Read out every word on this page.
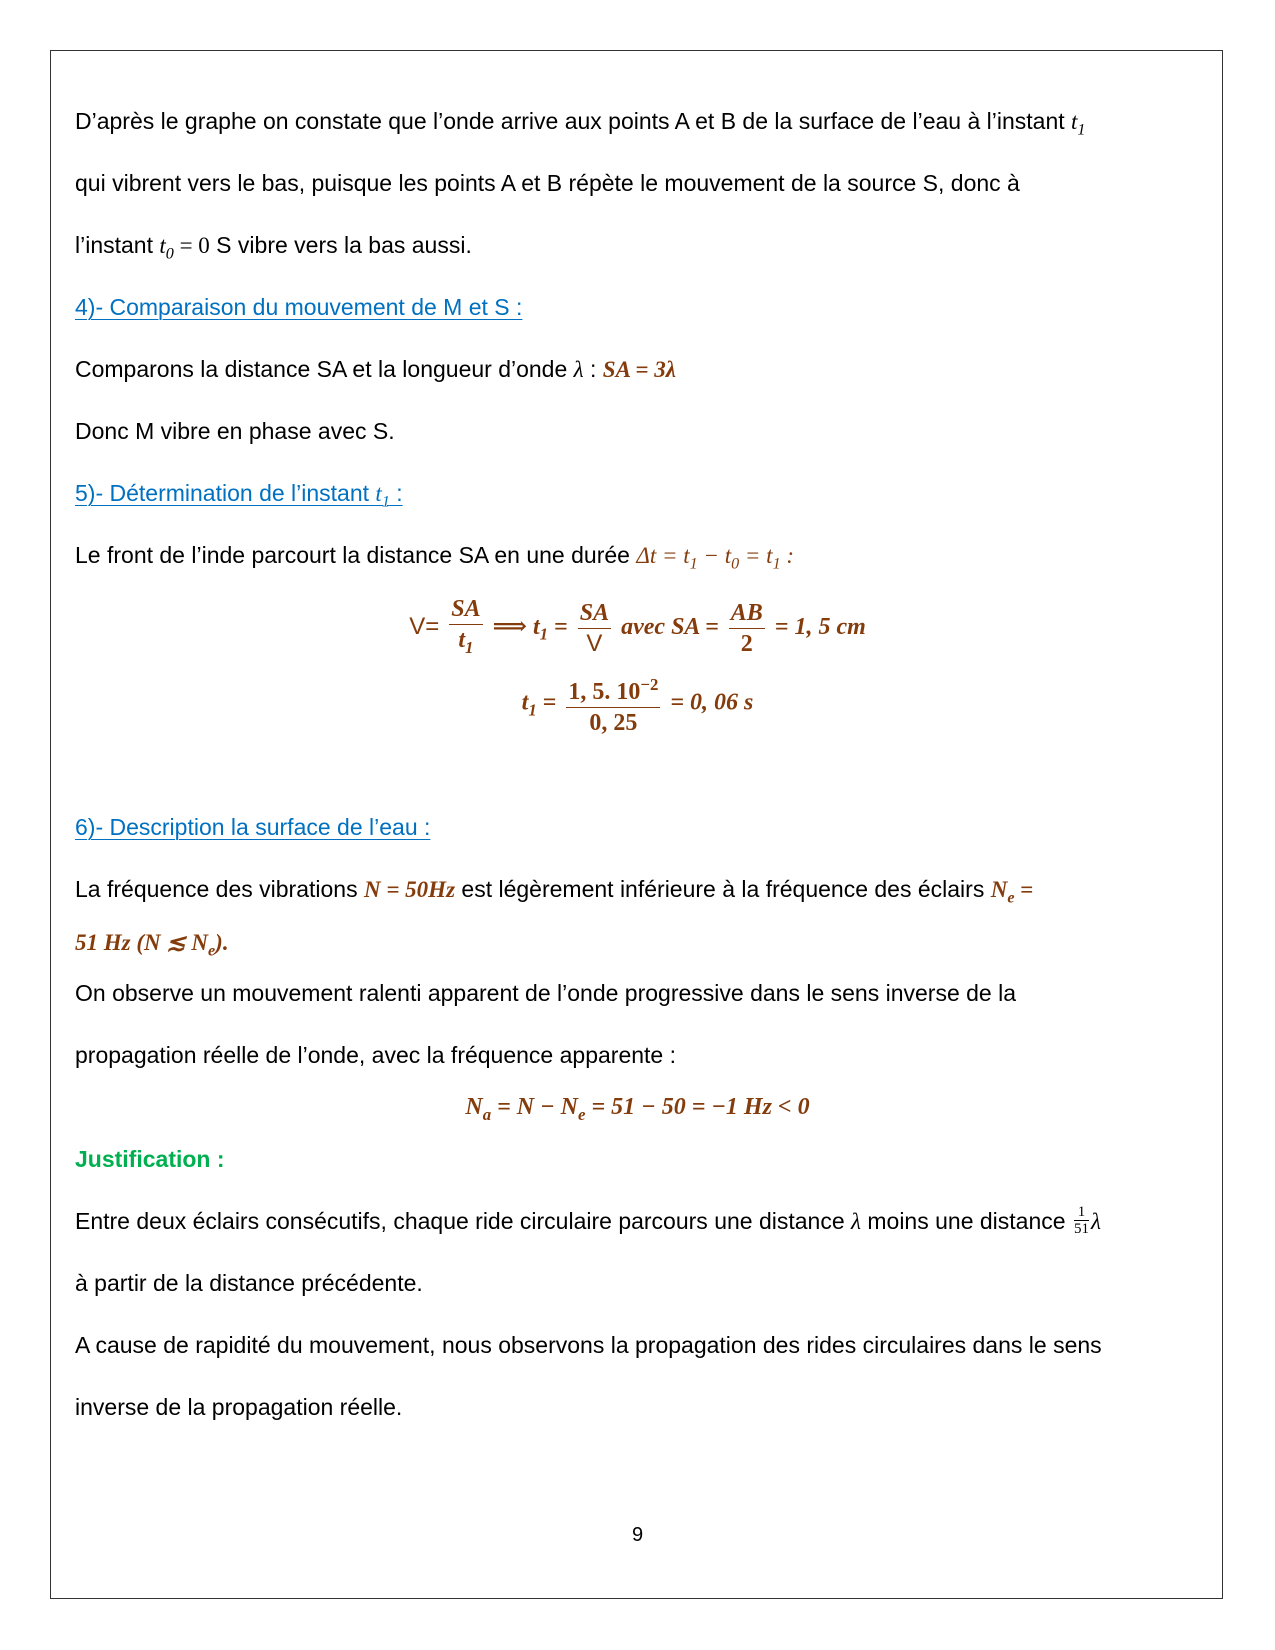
D’après le graphe on constate que l’onde arrive aux points A et B de la surface de l’eau à l’instant $t_1$
qui vibrent vers le bas, puisque les points A et B répète le mouvement de la source S, donc à
l’instant $t_0 = 0$ S vibre vers la bas aussi.
4)- Comparaison du mouvement de M et S :
Comparons la distance SA et la longueur d’onde λ : SA = 3λ
Donc M vibre en phase avec S.
5)- Détermination de l’instant $t_1$ :
Le front de l’inde parcourt la distance SA en une durée $\Delta t = t_1 - t_0 = t_1$ :
$V= \frac{SA}{t_1}$ ⟹ $t_1 = \frac{SA}{V}$ avec SA = $\frac{AB}{2} = 1$, 5 cm
$t_1 = \frac{1, 5. 10^{-2}}{0, 25} = 0$, 06 s
6)- Description la surface de l’eau :
La fréquence des vibrations N = 50Hz est légèrement inférieure à la fréquence des éclairs $N_e$ =
51 Hz (N ≲ $N_e$).
On observe un mouvement ralenti apparent de l’onde progressive dans le sens inverse de la
propagation réelle de l’onde, avec la fréquence apparente :
$N_a = N - N_e = 51 - 50 = -1$ Hz < 0
Justification :
Entre deux éclairs consécutifs, chaque ride circulaire parcours une distance λ moins une distance $\frac{1}{51}$ λ
à partir de la distance précédente.
A cause de rapidité du mouvement, nous observons la propagation des rides circulaires dans le sens
inverse de la propagation réelle.
9
